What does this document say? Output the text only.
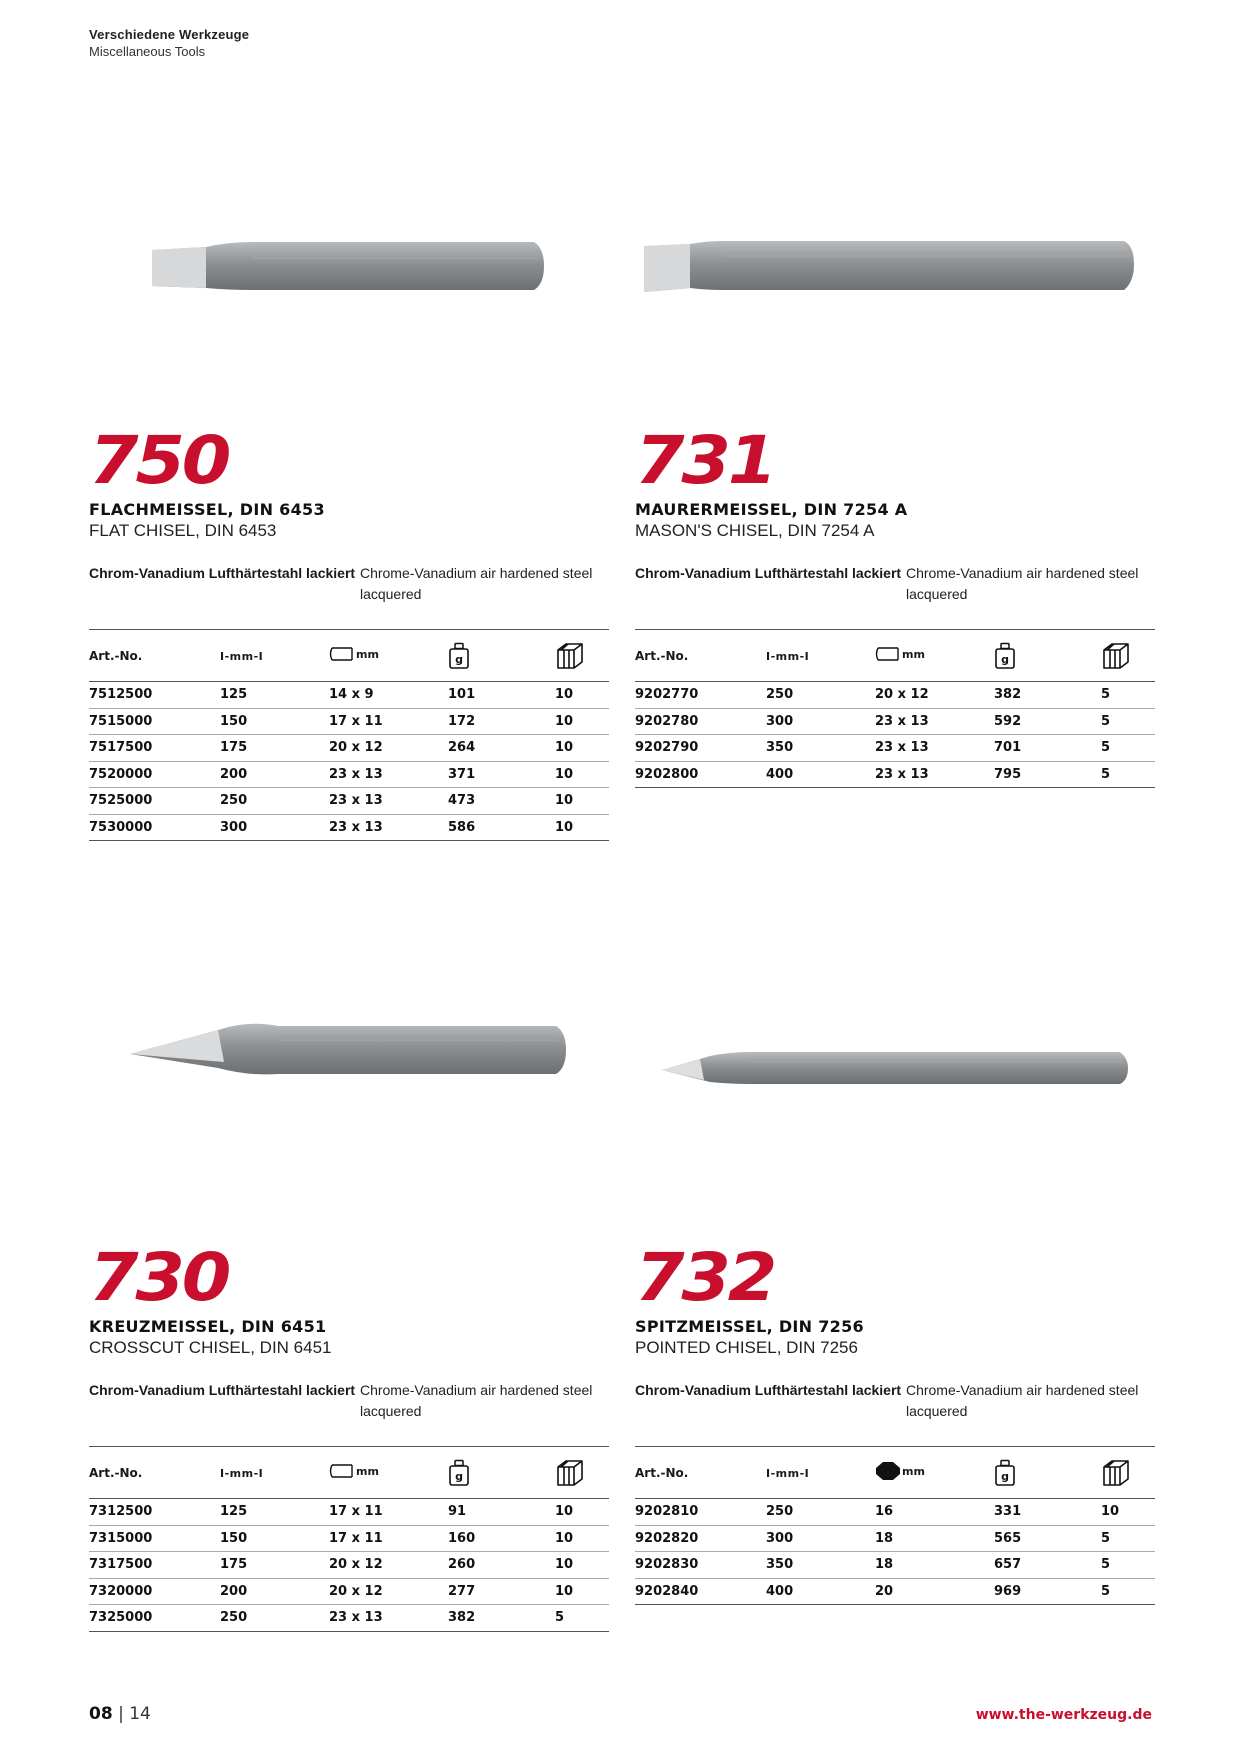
Verschiedene Werkzeuge
Miscellaneous Tools
750
FLACHMEISSEL, DIN 6453
FLAT CHISEL, DIN 6453
Chrom-Vanadium Lufthärtestahl lackiert Chrome-Vanadium air hardened steel lacquered
Art.-No.	I-mm-I	mm	g

7512500	125	14 x 9	101	10
7515000	150	17 x 11	172	10
7517500	175	20 x 12	264	10
7520000	200	23 x 13	371	10
7525000	250	23 x 13	473	10
7530000	300	23 x 13	586	10
731
MAURERMEISSEL, DIN 7254 A
MASON'S CHISEL, DIN 7254 A
Chrom-Vanadium Lufthärtestahl lackiert Chrome-Vanadium air hardened steel lacquered
Art.-No.	I-mm-I	mm	g

9202770	250	20 x 12	382	5
9202780	300	23 x 13	592	5
9202790	350	23 x 13	701	5
9202800	400	23 x 13	795	5
730
KREUZMEISSEL, DIN 6451
CROSSCUT CHISEL, DIN 6451
Chrom-Vanadium Lufthärtestahl lackiert Chrome-Vanadium air hardened steel lacquered
Art.-No.	I-mm-I	mm	g

7312500	125	17 x 11	91	10
7315000	150	17 x 11	160	10
7317500	175	20 x 12	260	10
7320000	200	20 x 12	277	10
7325000	250	23 x 13	382	5
732
SPITZMEISSEL, DIN 7256
POINTED CHISEL, DIN 7256
Chrom-Vanadium Lufthärtestahl lackiert Chrome-Vanadium air hardened steel lacquered
Art.-No.	I-mm-I	mm	g

9202810	250	16	331	10
9202820	300	18	565	5
9202830	350	18	657	5
9202840	400	20	969	5
08 | 14	www.the-werkzeug.de
